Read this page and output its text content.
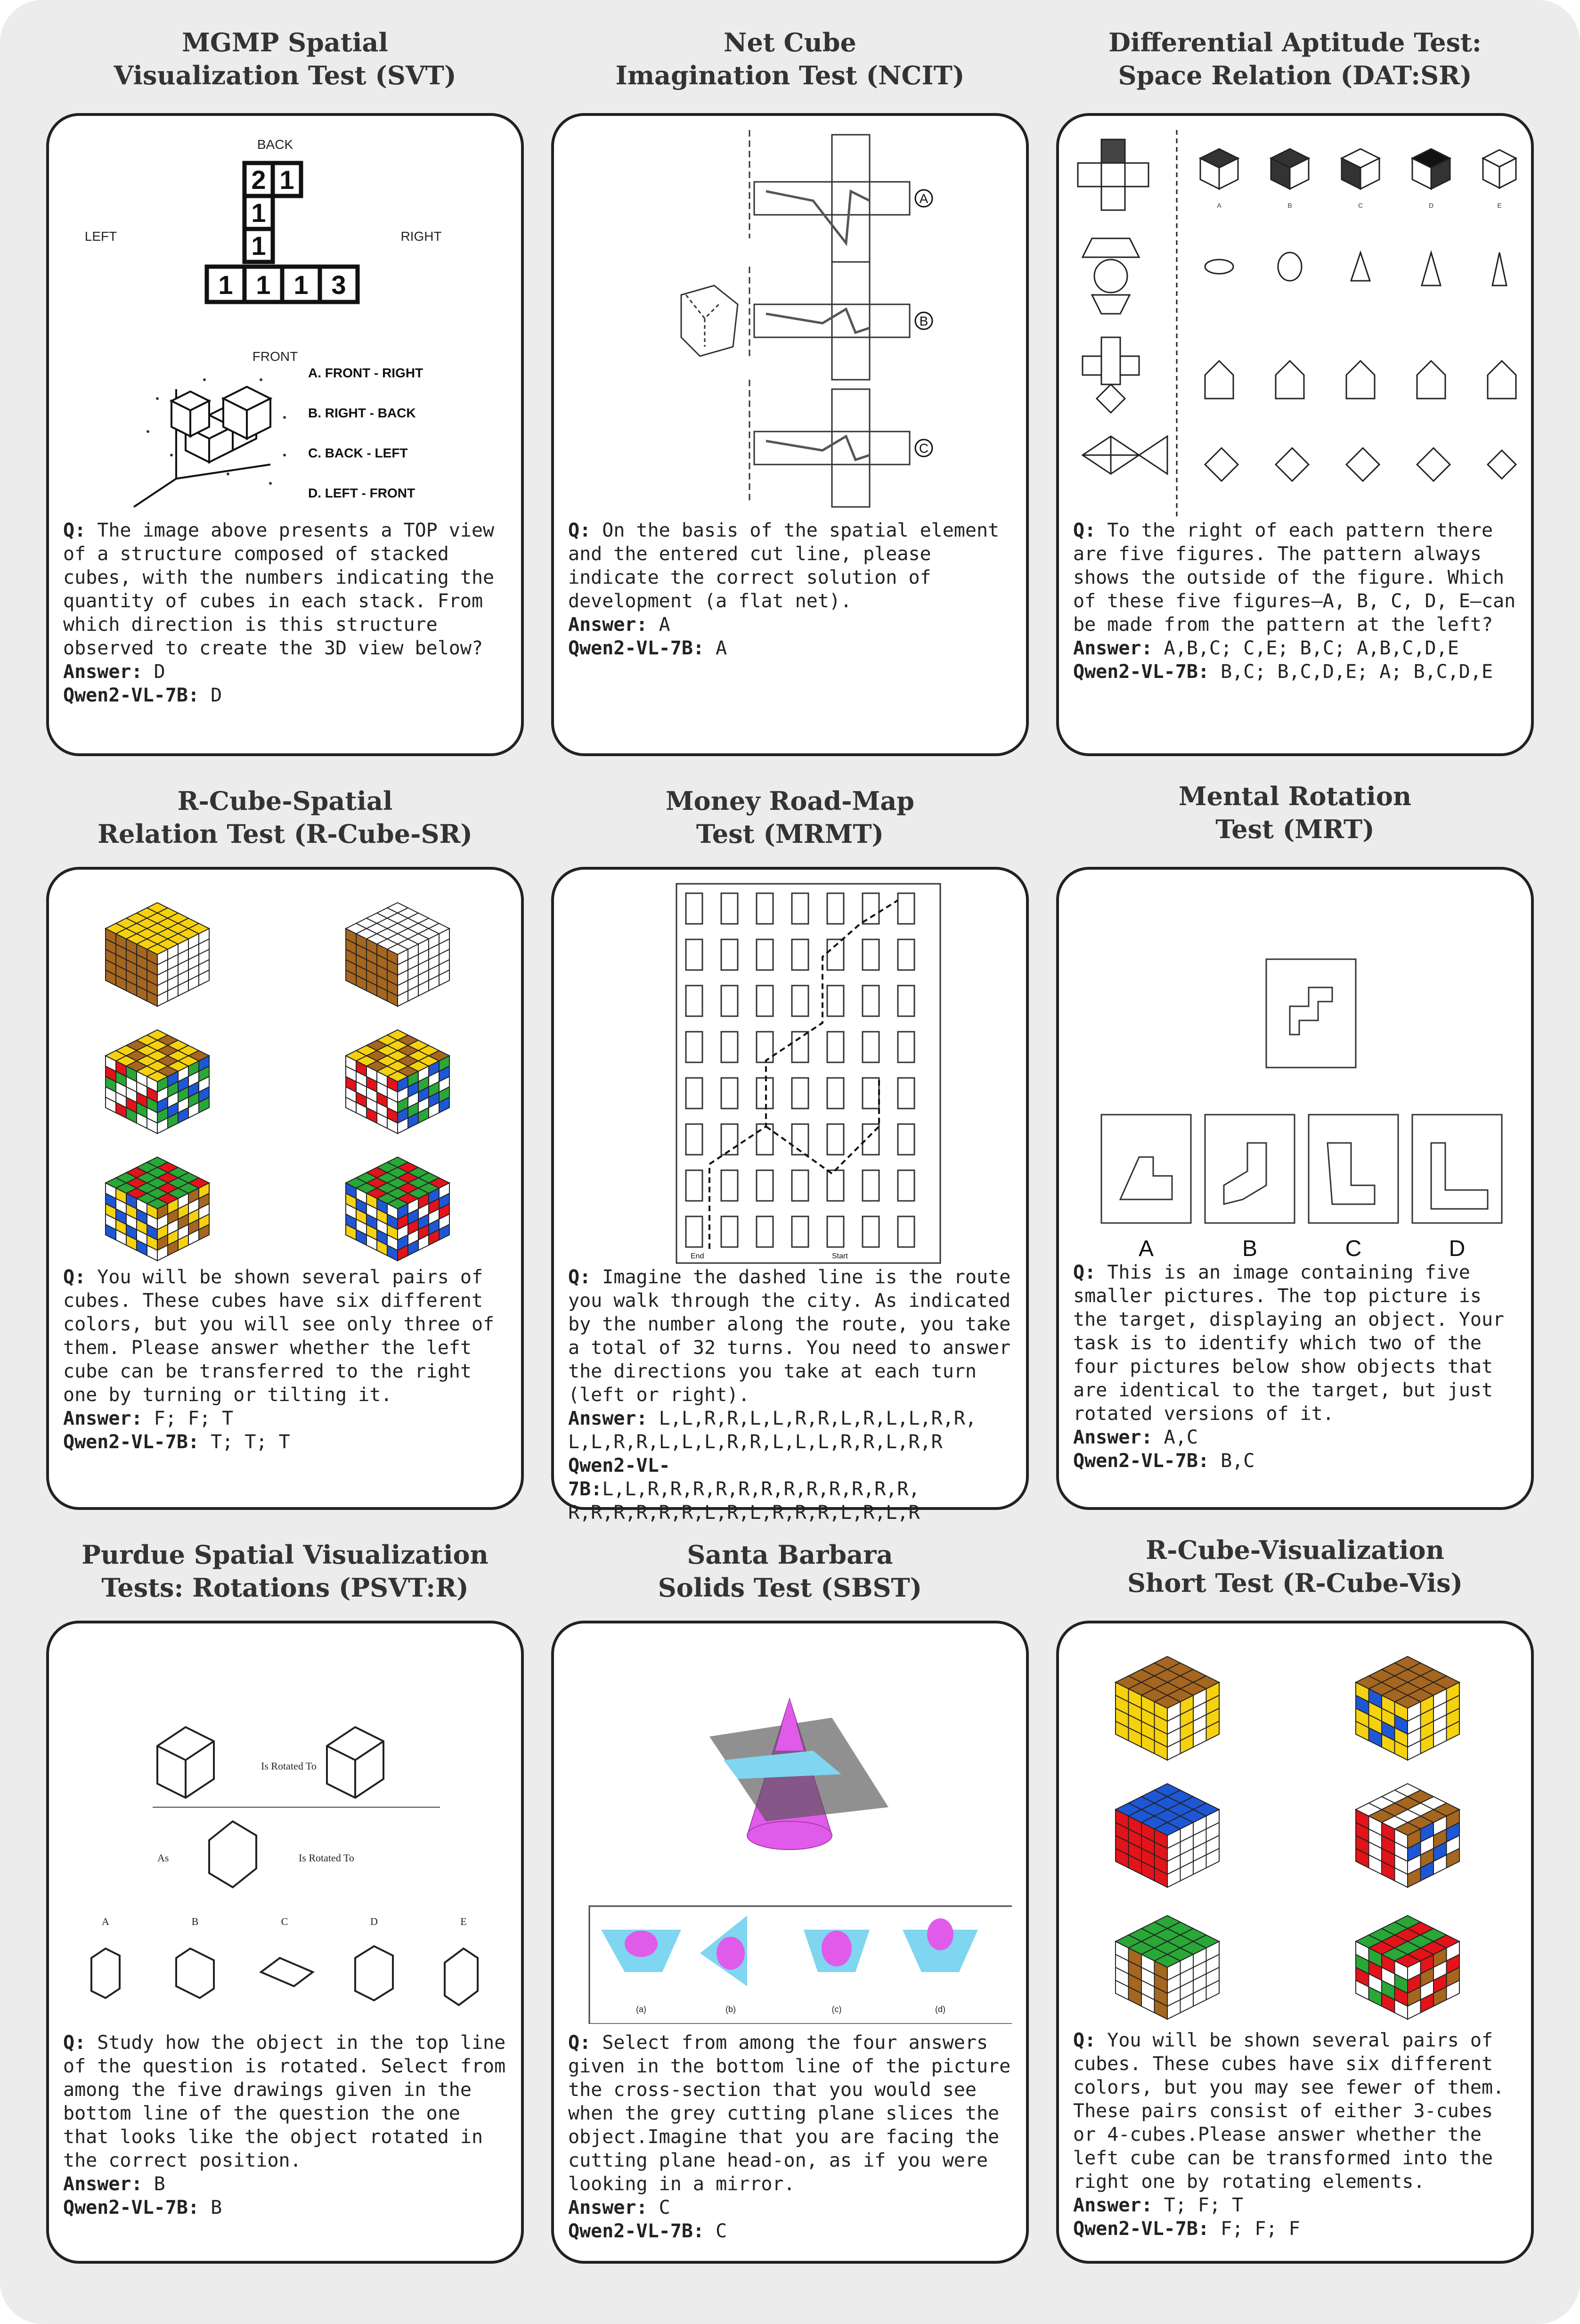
MGMP Spatial
Visualization Test (SVT)
BACK
LEFT	RIGHT
FRONT
2 1
1
1
1 1 1 3
A. FRONT - RIGHT
B. RIGHT - BACK
C. BACK - LEFT
D. LEFT - FRONT
Q: The image above presents a TOP view of a structure composed of stacked cubes, with the numbers indicating the quantity of cubes in each stack. From which direction is this structure observed to create the 3D view below?
Answer: D
Qwen2-VL-7B: D
Net Cube
Imagination Test (NCIT)
A
B
C
Q: On the basis of the spatial element and the entered cut line, please indicate the correct solution of development (a flat net).
Answer: A
Qwen2-VL-7B: A
Differential Aptitude Test:
Space Relation (DAT:SR)
A	B	C	D	E
Q: To the right of each pattern there are five figures. The pattern always shows the outside of the figure. Which of these five figures—A, B, C, D, E—can be made from the pattern at the left?
Answer: A,B,C; C,E; B,C; A,B,C,D,E
Qwen2-VL-7B: B,C; B,C,D,E; A; B,C,D,E
R-Cube-Spatial
Relation Test (R-Cube-SR)
Q: You will be shown several pairs of cubes. These cubes have six different colors, but you will see only three of them. Please answer whether the left cube can be transferred to the right one by turning or tilting it.
Answer: F; F; T
Qwen2-VL-7B: T; T; T
Money Road-Map
Test (MRMT)
End	Start
Q: Imagine the dashed line is the route you walk through the city. As indicated by the number along the route, you take a total of 32 turns. You need to answer the directions you take at each turn (left or right).
Answer: L,L,R,R,L,L,R,R,L,R,L,L,R,R,
L,L,R,R,L,L,L,R,R,L,L,L,R,R,L,R,R
Qwen2-VL-7B:L,L,R,R,R,R,R,R,R,R,R,R,R,R,
R,R,R,R,R,R,L,R,L,R,R,R,L,R,L,R
Mental Rotation
Test (MRT)
A	B	C	D
Q: This is an image containing five smaller pictures. The top picture is the target, displaying an object. Your task is to identify which two of the four pictures below show objects that are identical to the target, but just rotated versions of it.
Answer: A,C
Qwen2-VL-7B: B,C
Purdue Spatial Visualization
Tests: Rotations (PSVT:R)
Is Rotated To
As	Is Rotated To
A	B	C	D	E
Q: Study how the object in the top line of the question is rotated. Select from among the five drawings given in the bottom line of the question the one that looks like the object rotated in the correct position.
Answer: B
Qwen2-VL-7B: B
Santa Barbara
Solids Test (SBST)
(a)	(b)	(c)	(d)
Q: Select from among the four answers given in the bottom line of the picture the cross-section that you would see when the grey cutting plane slices the object.Imagine that you are facing the cutting plane head-on, as if you were looking in a mirror.
Answer: C
Qwen2-VL-7B: C
R-Cube-Visualization
Short Test (R-Cube-Vis)
Q: You will be shown several pairs of cubes. These cubes have six different colors, but you may see fewer of them. These pairs consist of either 3-cubes or 4-cubes.Please answer whether the left cube can be transformed into the right one by rotating elements.
Answer: T; F; T
Qwen2-VL-7B: F; F; F
